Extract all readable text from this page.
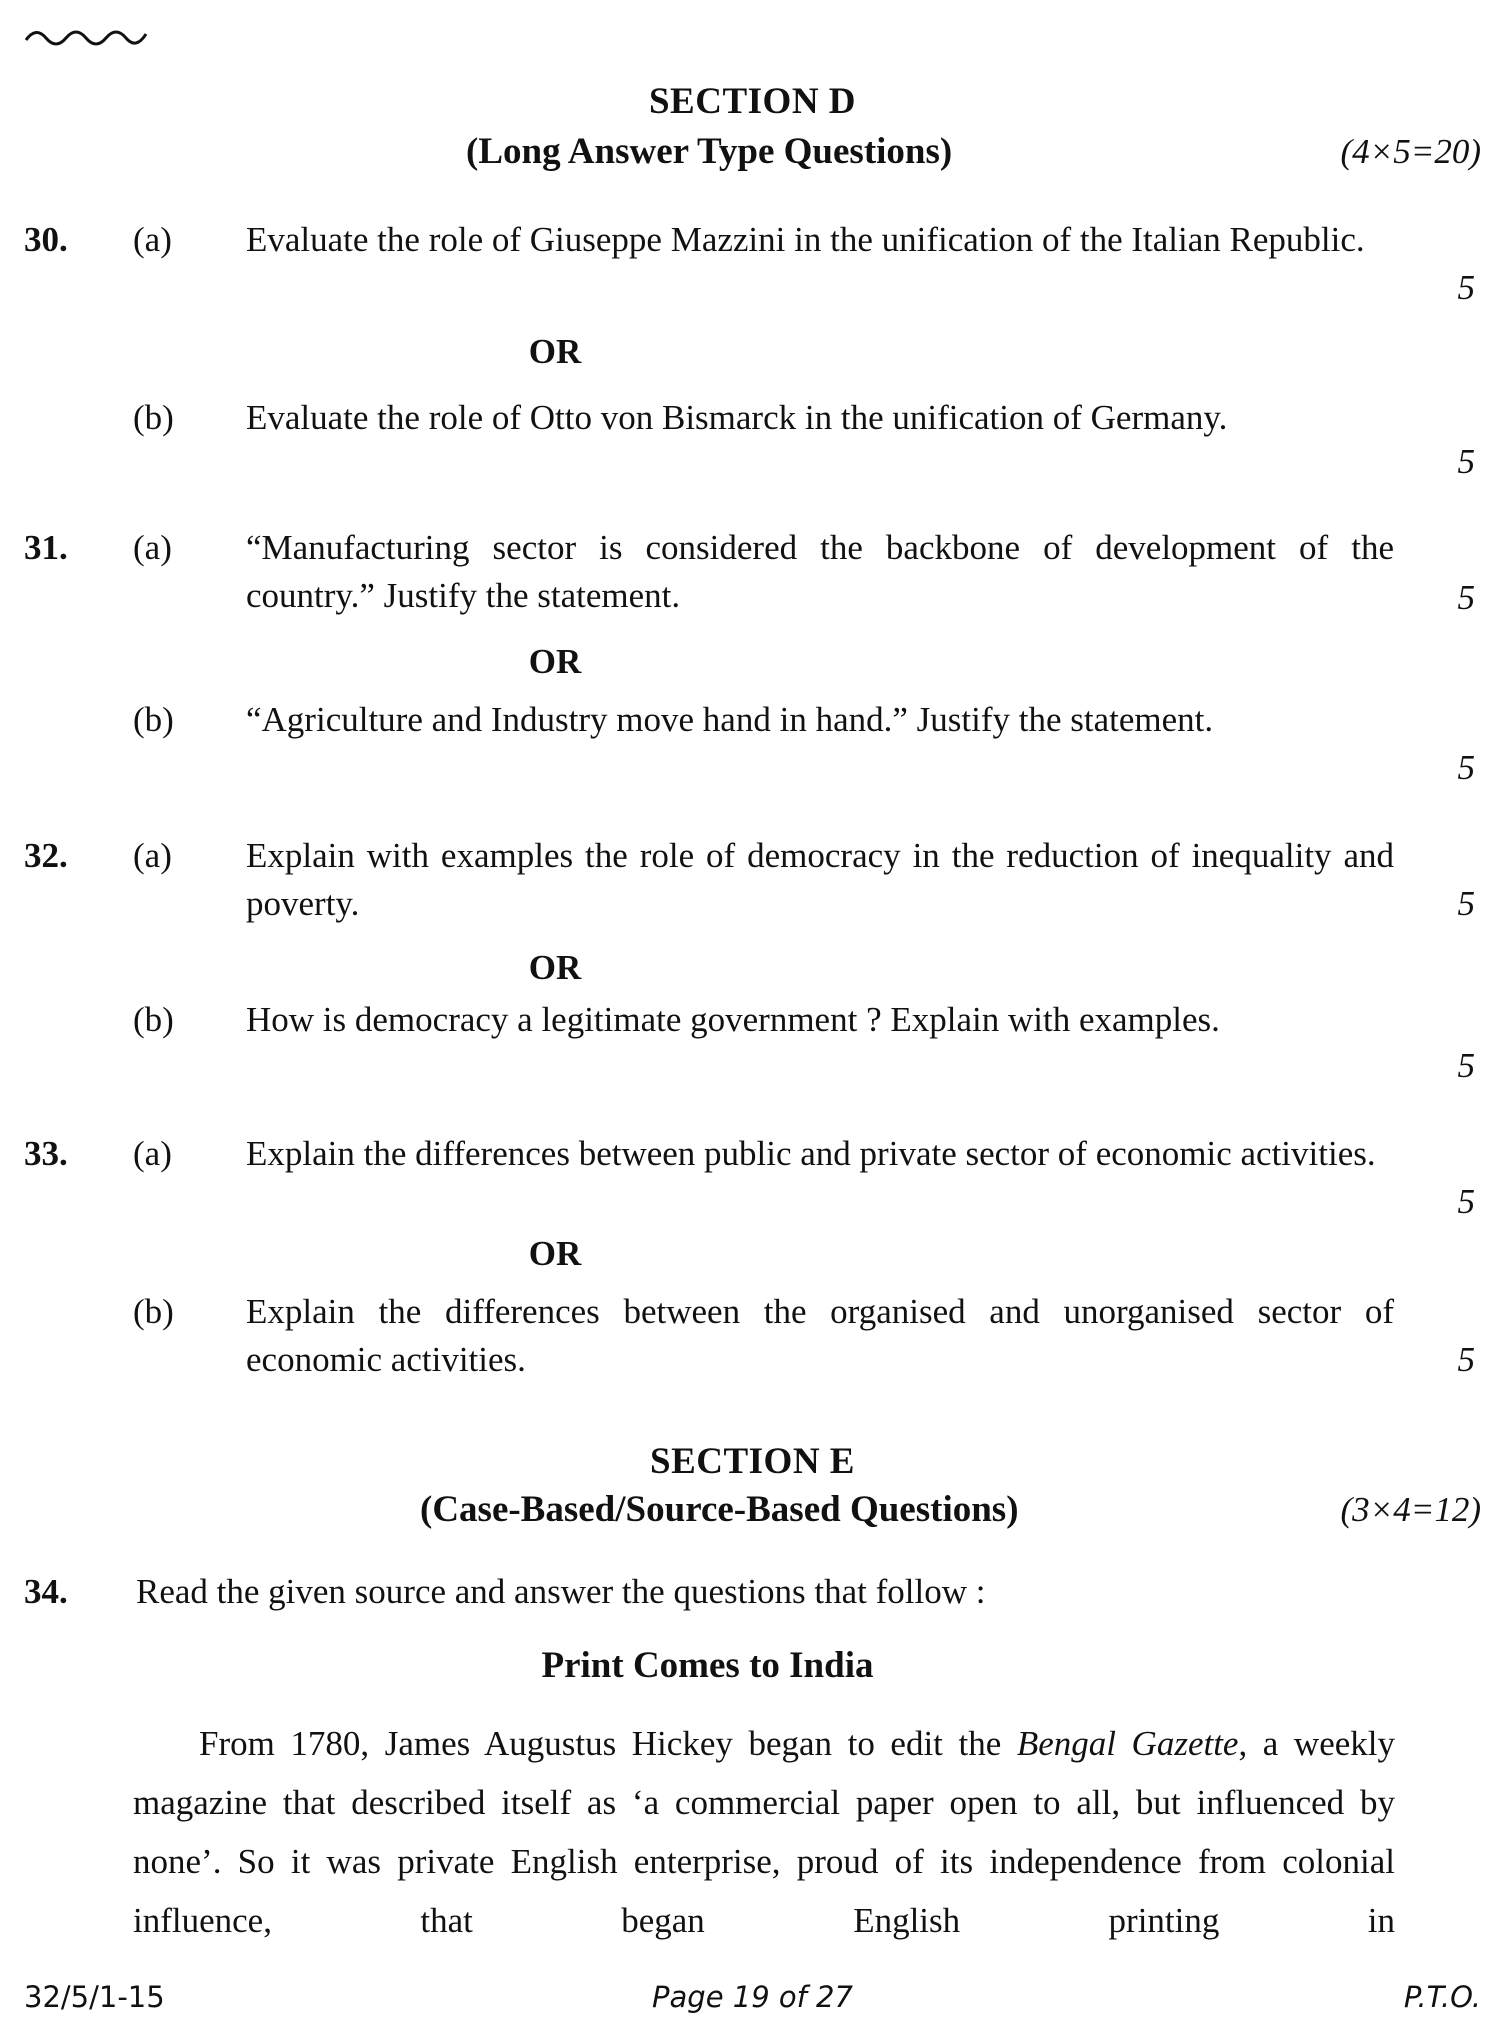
SECTION D
(Long Answer Type Questions)	(4×5=20)
30. (a) Evaluate the role of Giuseppe Mazzini in the unification of the Italian Republic.
5
OR
(b) Evaluate the role of Otto von Bismarck in the unification of Germany.
5
31. (a) “Manufacturing sector is considered the backbone of development of the country.” Justify the statement.	5
OR
(b) “Agriculture and Industry move hand in hand.” Justify the statement.
5
32. (a) Explain with examples the role of democracy in the reduction of inequality and poverty.	5
OR
(b) How is democracy a legitimate government ? Explain with examples.
5
33. (a) Explain the differences between public and private sector of economic activities.
5
OR
(b) Explain the differences between the organised and unorganised sector of economic activities.	5
SECTION E
(Case-Based/Source-Based Questions)	(3×4=12)
34. Read the given source and answer the questions that follow :
Print Comes to India
From 1780, James Augustus Hickey began to edit the Bengal Gazette, a weekly magazine that described itself as ‘a commercial paper open to all, but influenced by none’. So it was private English enterprise, proud of its independence from colonial influence, that began English printing in
32/5/1-15	Page 19 of 27	P.T.O.
